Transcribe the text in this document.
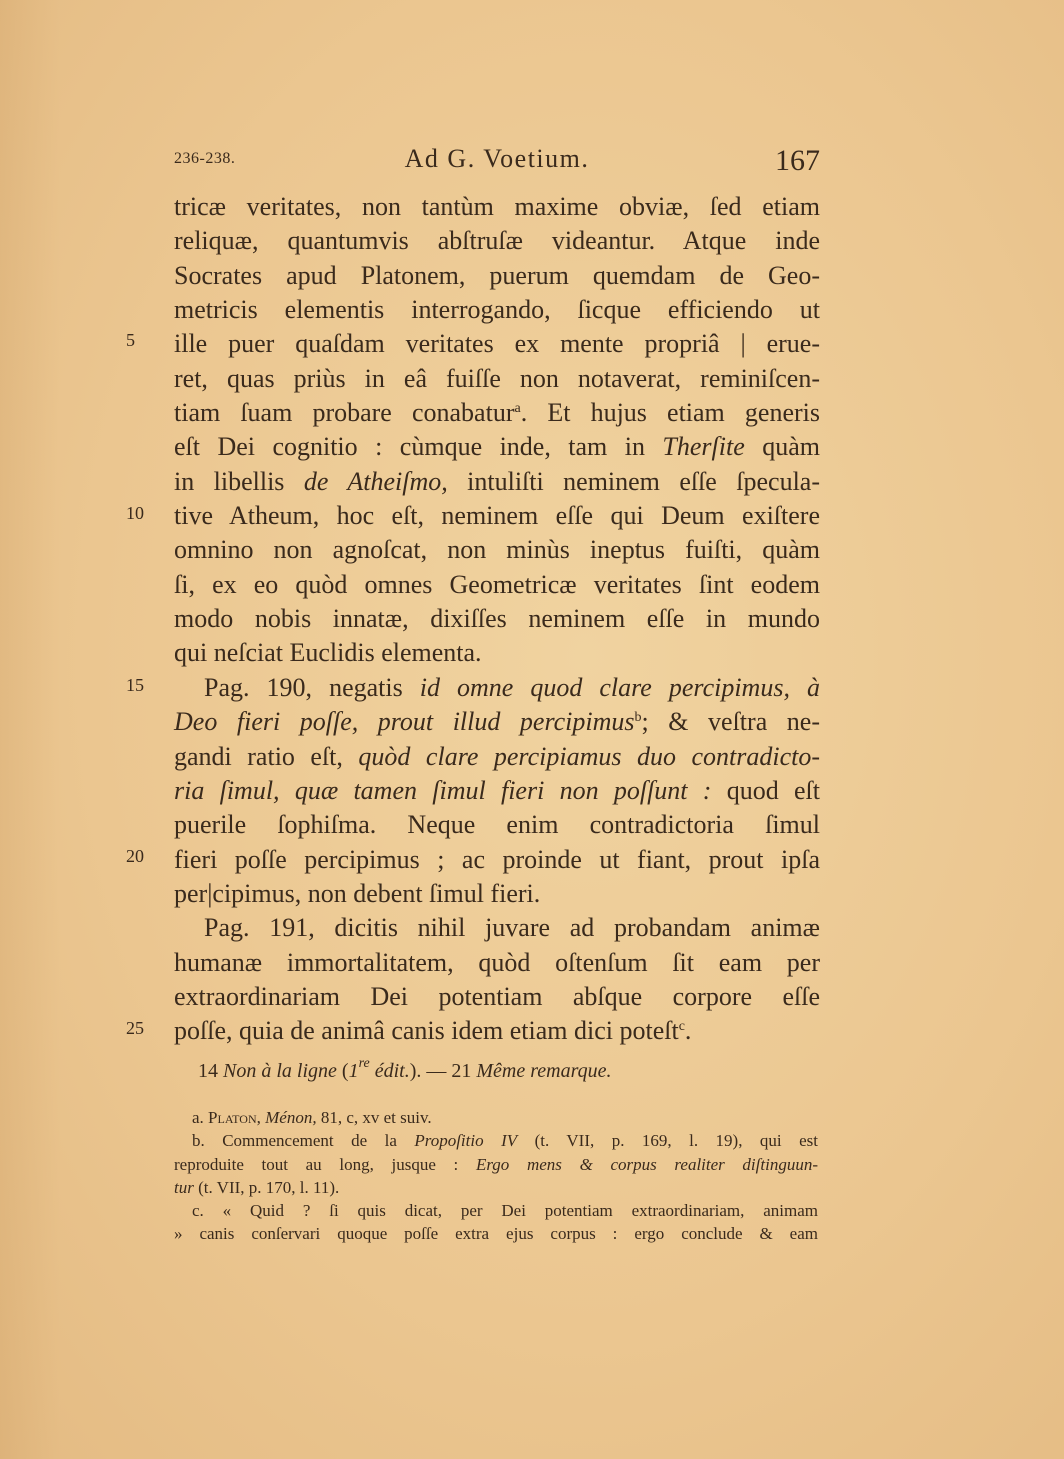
236-238.	Ad G. Voetium.	167
5
10
15
20
25
tricæ veritates, non tantùm maxime obviæ, ſed etiam
reliquæ, quantumvis abſtruſæ videantur. Atque inde
Socrates apud Platonem, puerum quemdam de Geo-
metricis elementis interrogando, ſicque efficiendo ut
ille puer quaſdam veritates ex mente propriâ | erue-
ret, quas priùs in eâ fuiſſe non notaverat, reminiſcen-
tiam ſuam probare conabatur$^a$. Et hujus etiam generis
eſt Dei cognitio : cùmque inde, tam in Therſite quàm
in libellis de Atheiſmo, intuliſti neminem eſſe ſpecula-
tive Atheum, hoc eſt, neminem eſſe qui Deum exiſtere
omnino non agnoſcat, non minùs ineptus fuiſti, quàm
ſi, ex eo quòd omnes Geometricæ veritates ſint eodem
modo nobis innatæ, dixiſſes neminem eſſe in mundo
qui neſciat Euclidis elementa.
Pag. 190, negatis id omne quod clare percipimus, à
Deo fieri poſſe, prout illud percipimus$^b$; & veſtra ne-
gandi ratio eſt, quòd clare percipiamus duo contradicto-
ria ſimul, quæ tamen ſimul fieri non poſſunt : quod eſt
puerile ſophiſma. Neque enim contradictoria ſimul
fieri poſſe percipimus ; ac proinde ut fiant, prout ipſa
per|cipimus, non debent ſimul fieri.
Pag. 191, dicitis nihil juvare ad probandam animæ
humanæ immortalitatem, quòd oſtenſum ſit eam per
extraordinariam Dei potentiam abſque corpore eſſe
poſſe, quia de animâ canis idem etiam dici poteſt$^c$.
14 Non à la ligne (1re édit.). — 21 Même remarque.
a. Platon, Ménon, 81, c, xv et suiv.
b. Commencement de la Propoſitio IV (t. VII, p. 169, l. 19), qui est
reproduite tout au long, jusque : Ergo mens & corpus realiter diſtinguun-
tur (t. VII, p. 170, l. 11).
c. « Quid ? ſi quis dicat, per Dei potentiam extraordinariam, animam
» canis conſervari quoque poſſe extra ejus corpus : ergo conclude & eam
